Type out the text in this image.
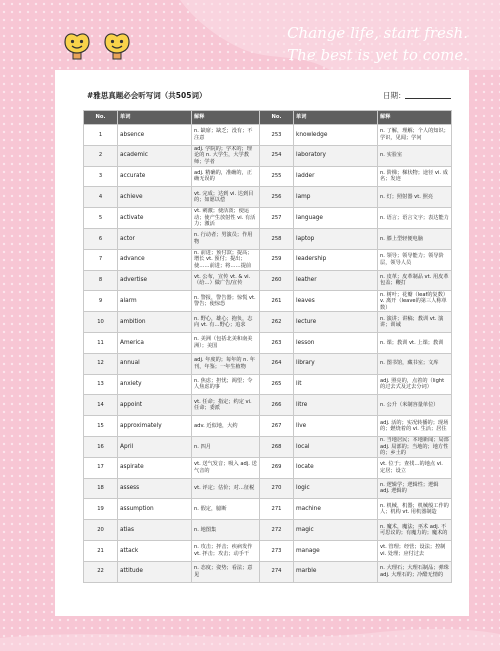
Change life, start fresh.
The best is yet to come.
#雅思真题必会听写词（共505词）	日期：
No.	单词	解释	No.	单词	解释
1	absence	n. 缺席；缺乏；没有；不注意	253	knowledge	n. 了解，理解；个人的知识；学识，见闻；学问
2	academic	adj. 学院的；学术的；理论的 n. 大学生，大学教师；学者	254	laboratory	n. 实验室
3	accurate	adj. 精确的，准确的，正确无误的	255	ladder	n. 阶梯；梯状物；途径 vi. 成名；发迹
4	achieve	vt. 完成；达到 vi. 达到目的；如愿以偿	256	lamp	n. 灯；照射器 vt. 照亮
5	activate	vt. 刺激；使活泼；使运动；使产生放射性 vi. 有活力；激活	257	language	n. 语言；语言文字；表达能力
6	actor	n. 行动者；男演员；作用物	258	laptop	n. 膝上型轻便电脑
7	advance	n. 前进；预付款；提高；增长 vt. 预付；提出；使……前进；将……提前	259	leadership	n. 领导；领导能力；领导阶层，领导人员
8	advertise	vt. 公布，宣传 vt. & vi.（给…）做广告/宣传	260	leather	n. 皮革；皮革制品 vt. 用皮革包盖；鞭打
9	alarm	n. 警报，警告器；惊慌 vt. 警告；使惊恐	261	leaves	n. 树叶；花瓣（leaf的复数） v. 离开（leave的第三人称单数）
10	ambition	n. 野心，雄心；抱负，志向 vt. 有…野心；追求	262	lecture	n. 演讲；讲稿；教训 vt. 演讲；训诫
11	America	n. 美洲（包括北美和南美洲）；美国	263	lesson	n. 课；教训 vt. 上课；教训
12	annual	adj. 年度的；每年的 n. 年刊，年鉴；一年生植物	264	library	n. 图书馆，藏书室；文库
13	anxiety	n. 焦虑；担忧；渴望；令人焦虑的事	265	lit	adj. 照亮的，点着的（light的过去式及过去分词）
14	appoint	vt. 任命；指定；约定 vi. 任命；委派	266	litre	n. 公升（米制容量单位）
15	approximately	adv. 近似地，大约	267	live	adj. 活的；实况转播的；现场的；燃烧着的 vi. 生活；居住
16	April	n. 四月	268	local	n. 当地居民；本地新闻；局部 adj. 局部的；当地的；地方性的；乡土的
17	aspirate	vt. 送气发音；吸入 adj. 送气音的	269	locate	vt. 位于；查找…的地点 vi. 定居；设立
18	assess	vt. 评定；估价；对…征税	270	logic	n. 逻辑学；逻辑性；逻辑 adj. 逻辑的
19	assumption	n. 假定，臆断	271	machine	n. 机械，机器；机械般工作的人；机构 vt. 用机器制造
20	atlas	n. 地图集	272	magic	n. 魔术，魔法；巫术 adj. 不可思议的；有魔力的；魔术的
21	attack	n. 攻击；抨击；疾病发作 vt. 抨击；攻击；动手干	273	manage	vt. 管理；经营；设法；控制 vi. 处理；应付过去
22	attitude	n. 态度；姿势；看法；意见	274	marble	n. 大理石；大理石制品；弹珠 adj. 大理石的；冷酷无情的
